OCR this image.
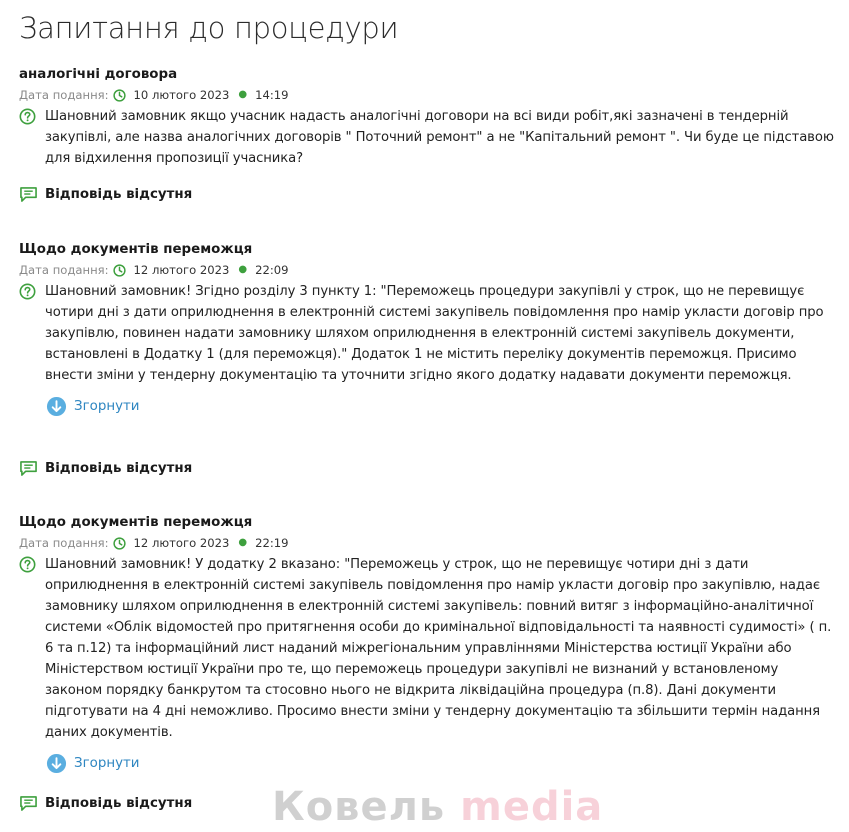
Запитання до процедури
аналогічні договора
Дата подання: 10 лютого 2023 ● 14:19
Шановний замовник якщо учасник надасть аналогічні договори на всі види робіт,які зазначені в тендерній закупівлі, але назва аналогічних договорів " Поточний ремонт" а не "Капітальний ремонт ". Чи буде це підставою для відхилення пропозиції учасника?
Відповідь відсутня
Щодо документів переможця
Дата подання: 12 лютого 2023 ● 22:09
Шановний замовник! Згідно розділу 3 пункту 1: "Переможець процедури закупівлі у строк, що не перевищує чотири дні з дати оприлюднення в електронній системі закупівель повідомлення про намір укласти договір про закупівлю, повинен надати замовнику шляхом оприлюднення в електронній системі закупівель документи, встановлені в Додатку 1 (для переможця)." Додаток 1 не містить переліку документів переможця. Присимо внести зміни у тендерну документацію та уточнити згідно якого додатку надавати документи переможця.
Згорнути
Відповідь відсутня
Щодо документів переможця
Дата подання: 12 лютого 2023 ● 22:19
Шановний замовник! У додатку 2 вказано: "Переможець у строк, що не перевищує чотири дні з дати оприлюднення в електронній системі закупівель повідомлення про намір укласти договір про закупівлю, надає замовнику шляхом оприлюднення в електронній системі закупівель: повний витяг з інформаційно-аналітичної системи «Облік відомостей про притягнення особи до кримінальної відповідальності та наявності судимості» ( п. 6 та п.12) та інформаційний лист наданий міжрегіональним управліннями Міністерства юстиції України або Міністерством юстиції України про те, що переможець процедури закупівлі не визнаний у встановленому законом порядку банкрутом та стосовно нього не відкрита ліквідаційна процедура (п.8). Дані документи підготувати на 4 дні неможливо. Просимо внести зміни у тендерну документацію та збільшити термін надання даних документів.
Згорнути
Відповідь відсутня Ковель media
